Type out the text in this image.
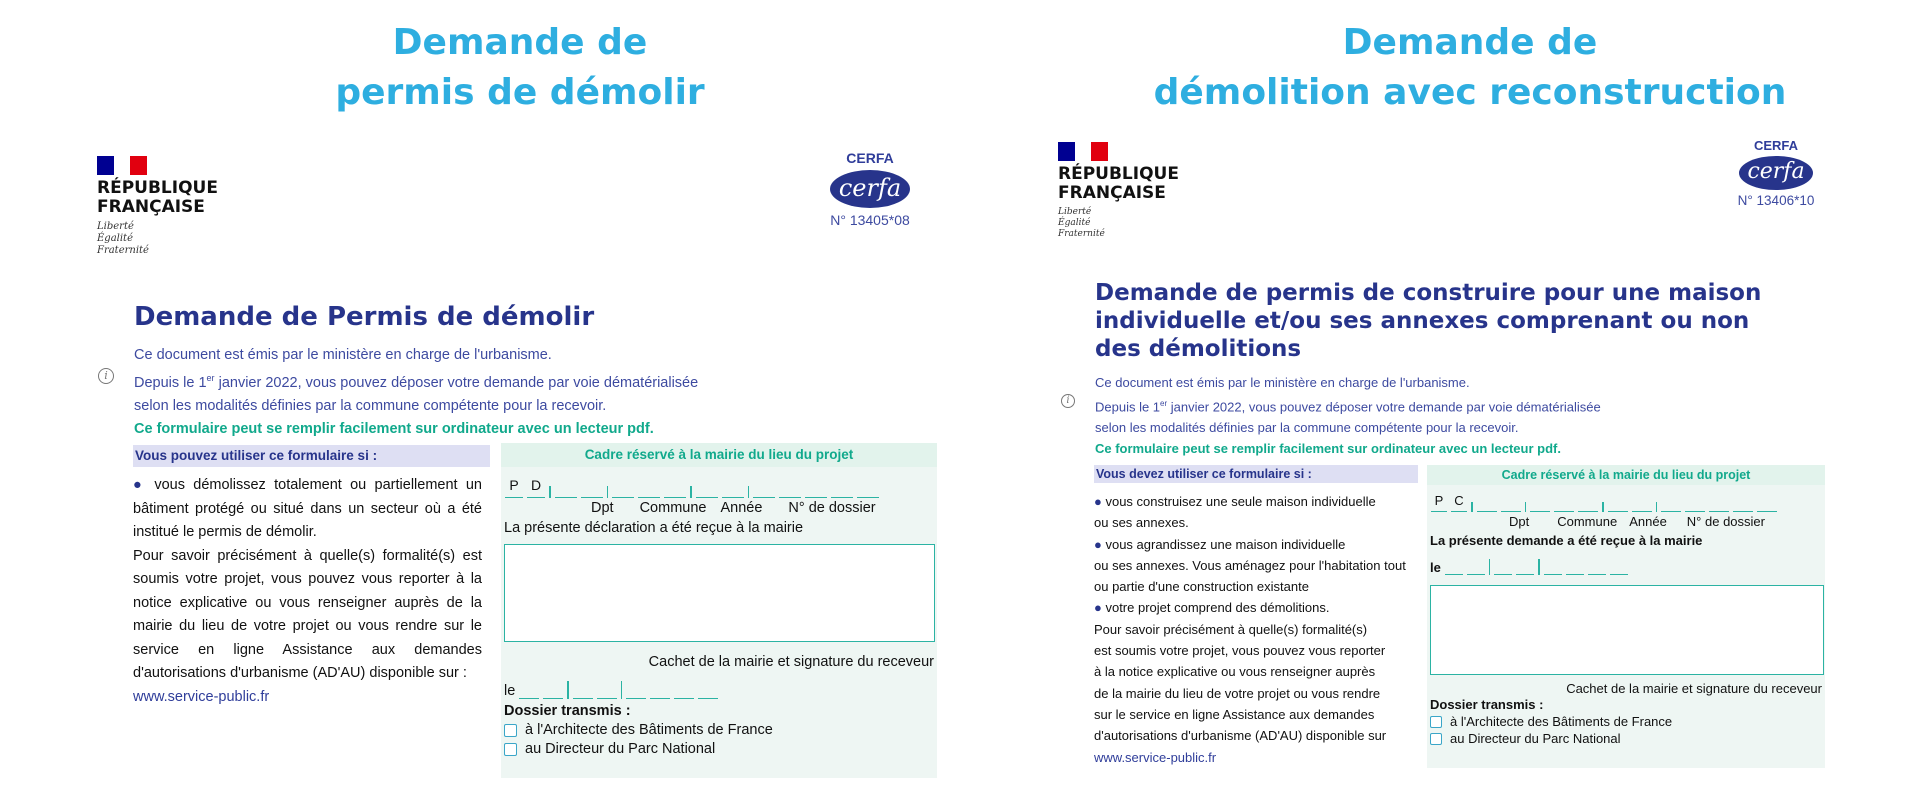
Demande de
permis de démolir
RÉPUBLIQUE
FRANÇAISE
Liberté
Égalité
Fraternité
CERFA
cerfa
N° 13405*08
Demande de Permis de démolir
i
Ce document est émis par le ministère en charge de l'urbanisme.
Depuis le 1er janvier 2022, vous pouvez déposer votre demande par voie dématérialisée
selon les modalités définies par la commune compétente pour la recevoir.
Ce formulaire peut se remplir facilement sur ordinateur avec un lecteur pdf.
Vous pouvez utiliser ce formulaire si :
● vous démolissez totalement ou partiellement un bâtiment protégé ou situé dans un secteur où a été institué le permis de démolir.
Pour savoir précisément à quelle(s) formalité(s) est soumis votre projet, vous pouvez vous reporter à la notice explicative ou vous renseigner auprès de la mairie du lieu de votre projet ou vous rendre sur le service en ligne Assistance aux demandes d'autorisations d'urbanisme (AD'AU) disponible sur :
www.service-public.fr
Cadre réservé à la mairie du lieu du projet
P D
Dpt Commune Année N° de dossier
La présente déclaration a été reçue à la mairie
Cachet de la mairie et signature du receveur
le
Dossier transmis :
à l'Architecte des Bâtiments de France
au Directeur du Parc National
Demande de
démolition avec reconstruction
RÉPUBLIQUE
FRANÇAISE
Liberté
Égalité
Fraternité
CERFA
cerfa
N° 13406*10
Demande de permis de construire pour une maison
individuelle et/ou ses annexes comprenant ou non
des démolitions
i
Ce document est émis par le ministère en charge de l'urbanisme.
Depuis le 1er janvier 2022, vous pouvez déposer votre demande par voie dématérialisée
selon les modalités définies par la commune compétente pour la recevoir.
Ce formulaire peut se remplir facilement sur ordinateur avec un lecteur pdf.
Vous devez utiliser ce formulaire si :
● vous construisez une seule maison individuelle
ou ses annexes.
● vous agrandissez une maison individuelle
ou ses annexes. Vous aménagez pour l'habitation tout
ou partie d'une construction existante
● votre projet comprend des démolitions.
Pour savoir précisément à quelle(s) formalité(s)
est soumis votre projet, vous pouvez vous reporter
à la notice explicative ou vous renseigner auprès
de la mairie du lieu de votre projet ou vous rendre
sur le service en ligne Assistance aux demandes
d'autorisations d'urbanisme (AD'AU) disponible sur
www.service-public.fr
Cadre réservé à la mairie du lieu du projet
P C
Dpt Commune Année N° de dossier
La présente demande a été reçue à la mairie
le
Cachet de la mairie et signature du receveur
Dossier transmis :
à l'Architecte des Bâtiments de France
au Directeur du Parc National
